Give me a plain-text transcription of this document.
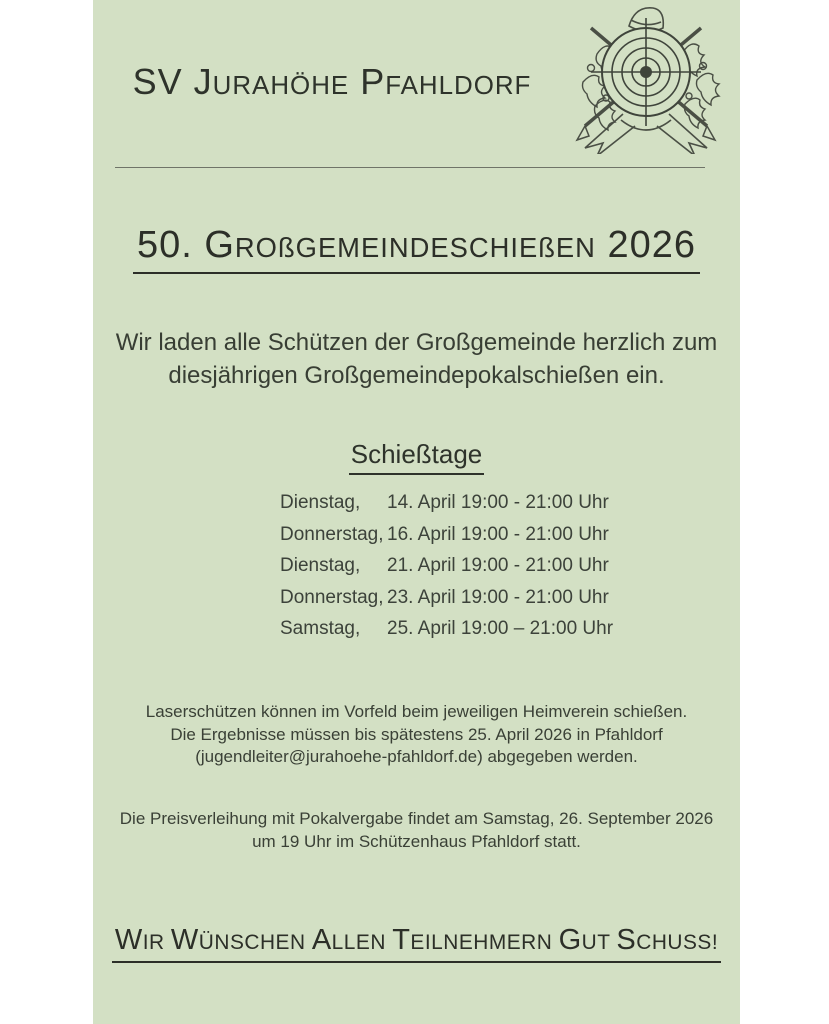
SV JURAHÖHE PFAHLDORF
50. GROßGEMEINDESCHIEßEN 2026
Wir laden alle Schützen der Großgemeinde herzlich zum
diesjährigen Großgemeindepokalschießen ein.
Schießtage
Dienstag,	14. April 19:00 - 21:00 Uhr
Donnerstag, 16. April 19:00 - 21:00 Uhr
Dienstag,	21. April 19:00 - 21:00 Uhr
Donnerstag, 23. April 19:00 - 21:00 Uhr
Samstag,	25. April 19:00 – 21:00 Uhr
Laserschützen können im Vorfeld beim jeweiligen Heimverein schießen.
Die Ergebnisse müssen bis spätestens 25. April 2026 in Pfahldorf
(jugendleiter@jurahoehe-pfahldorf.de) abgegeben werden.
Die Preisverleihung mit Pokalvergabe findet am Samstag, 26. September 2026
um 19 Uhr im Schützenhaus Pfahldorf statt.
WIR WÜNSCHEN ALLEN TEILNEHMERN GUT SCHUSS!
